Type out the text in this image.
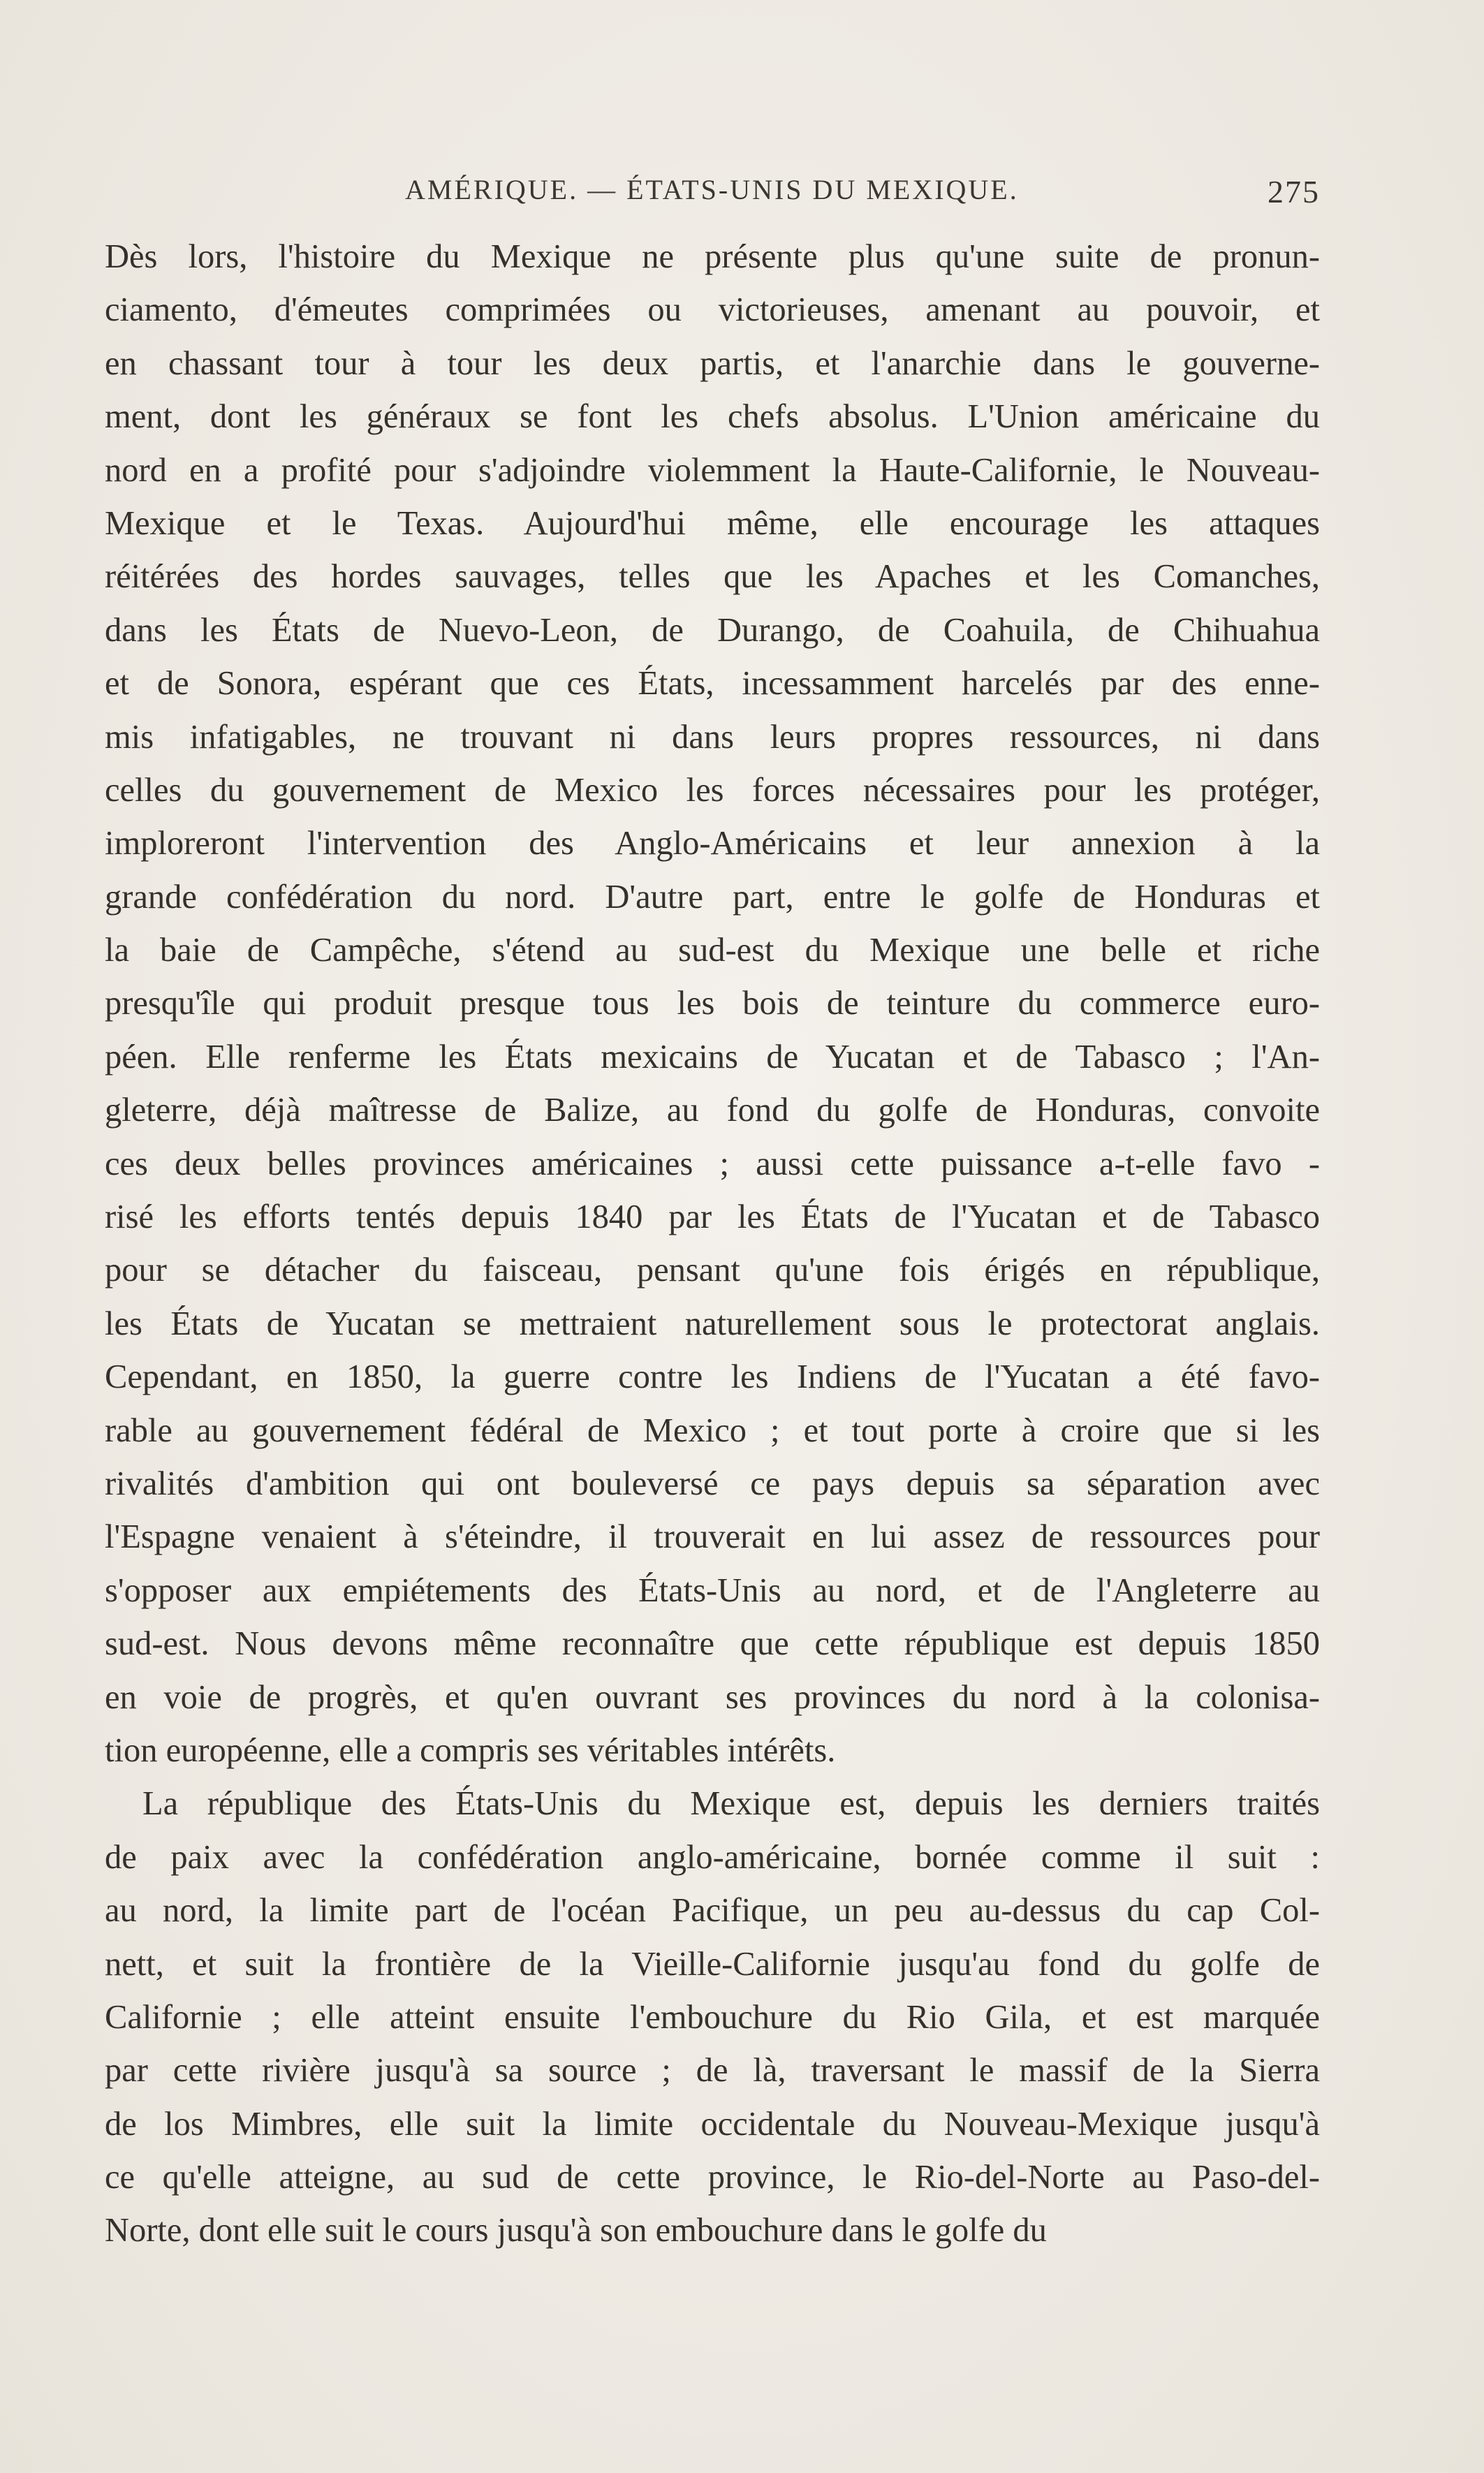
AMÉRIQUE. — ÉTATS-UNIS DU MEXIQUE.	275
Dès lors, l'histoire du Mexique ne présente plus qu'une suite de pronun-
ciamento, d'émeutes comprimées ou victorieuses, amenant au pouvoir, et
en chassant tour à tour les deux partis, et l'anarchie dans le gouverne-
ment, dont les généraux se font les chefs absolus. L'Union américaine du
nord en a profité pour s'adjoindre violemment la Haute-Californie, le Nouveau-
Mexique et le Texas. Aujourd'hui même, elle encourage les attaques
réitérées des hordes sauvages, telles que les Apaches et les Comanches,
dans les États de Nuevo-Leon, de Durango, de Coahuila, de Chihuahua
et de Sonora, espérant que ces États, incessamment harcelés par des enne-
mis infatigables, ne trouvant ni dans leurs propres ressources, ni dans
celles du gouvernement de Mexico les forces nécessaires pour les protéger,
imploreront l'intervention des Anglo-Américains et leur annexion à la
grande confédération du nord. D'autre part, entre le golfe de Honduras et
la baie de Campêche, s'étend au sud-est du Mexique une belle et riche
presqu'île qui produit presque tous les bois de teinture du commerce euro-
péen. Elle renferme les États mexicains de Yucatan et de Tabasco ; l'An-
gleterre, déjà maîtresse de Balize, au fond du golfe de Honduras, convoite
ces deux belles provinces américaines ; aussi cette puissance a-t-elle favo -
risé les efforts tentés depuis 1840 par les États de l'Yucatan et de Tabasco
pour se détacher du faisceau, pensant qu'une fois érigés en république,
les États de Yucatan se mettraient naturellement sous le protectorat anglais.
Cependant, en 1850, la guerre contre les Indiens de l'Yucatan a été favo-
rable au gouvernement fédéral de Mexico ; et tout porte à croire que si les
rivalités d'ambition qui ont bouleversé ce pays depuis sa séparation avec
l'Espagne venaient à s'éteindre, il trouverait en lui assez de ressources pour
s'opposer aux empiétements des États-Unis au nord, et de l'Angleterre au
sud-est. Nous devons même reconnaître que cette république est depuis 1850
en voie de progrès, et qu'en ouvrant ses provinces du nord à la colonisa-
tion européenne, elle a compris ses véritables intérêts.
La république des États-Unis du Mexique est, depuis les derniers traités
de paix avec la confédération anglo-américaine, bornée comme il suit :
au nord, la limite part de l'océan Pacifique, un peu au-dessus du cap Col-
nett, et suit la frontière de la Vieille-Californie jusqu'au fond du golfe de
Californie ; elle atteint ensuite l'embouchure du Rio Gila, et est marquée
par cette rivière jusqu'à sa source ; de là, traversant le massif de la Sierra
de los Mimbres, elle suit la limite occidentale du Nouveau-Mexique jusqu'à
ce qu'elle atteigne, au sud de cette province, le Rio-del-Norte au Paso-del-
Norte, dont elle suit le cours jusqu'à son embouchure dans le golfe du
